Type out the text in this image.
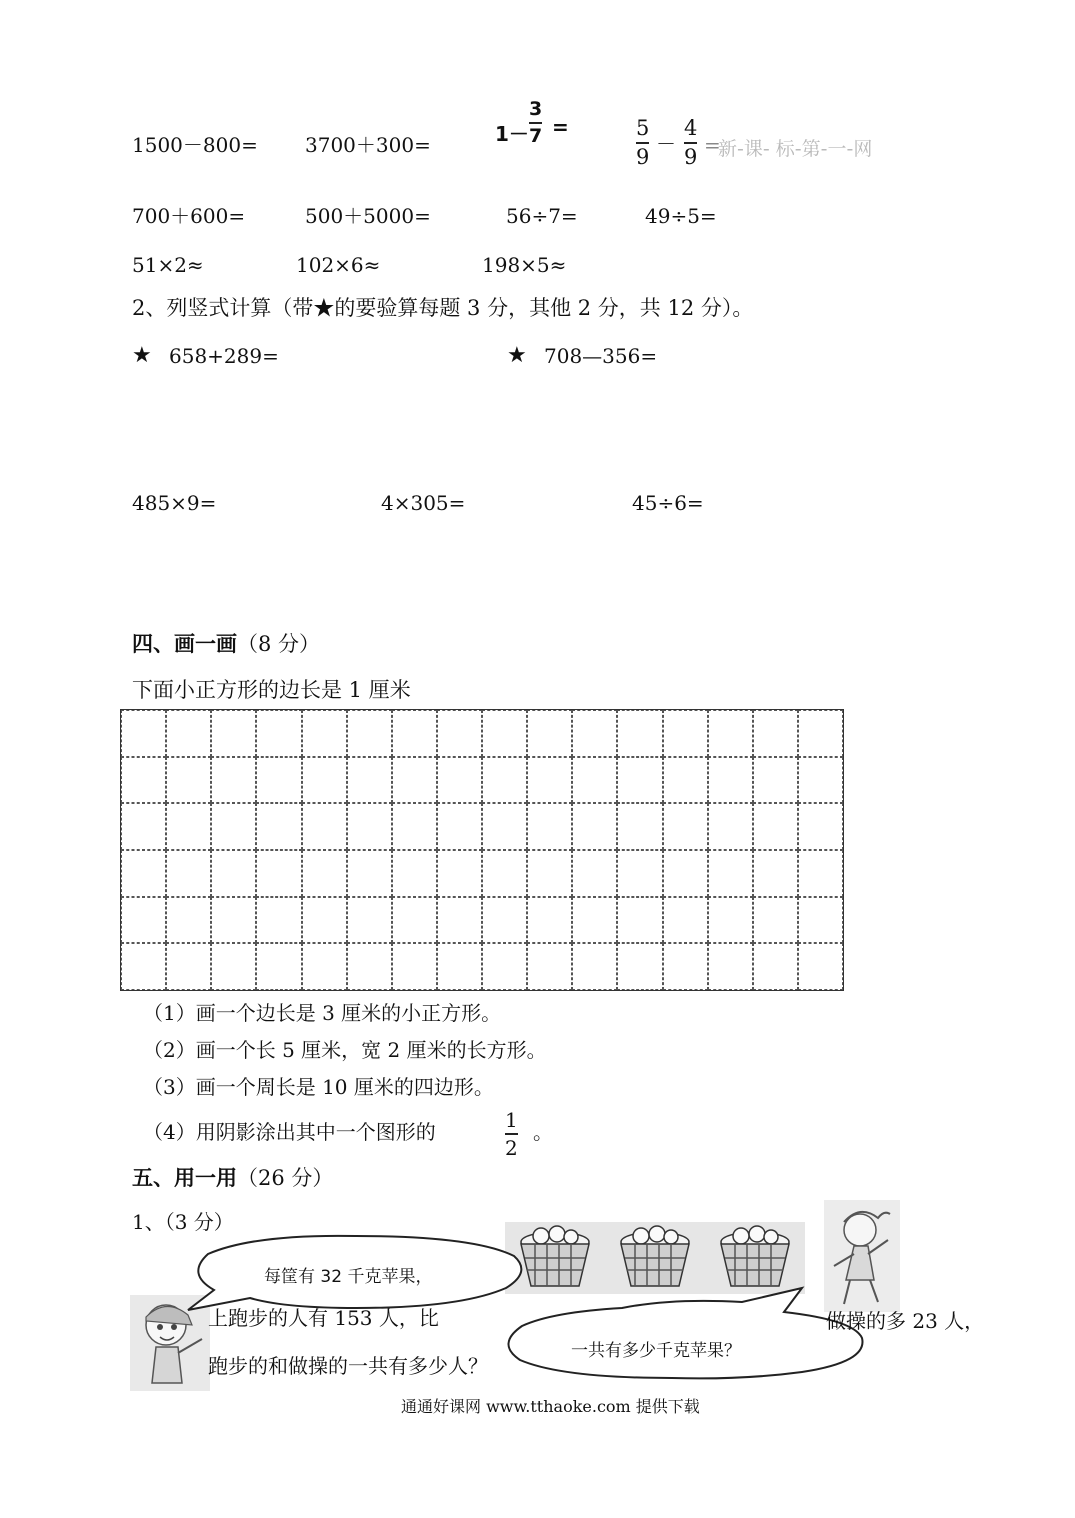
1500－800= 3700＋300=	1－
3
7 =	5
9
－
4
9 =
新-课- 标-第-一-网
700＋600=	500＋5000=	56÷7=	49÷5=
51×2≈	102×6≈	198×5≈
2、列竖式计算（带★的要验算每题 3 分，其他 2 分，共 12 分）。
★ 658+289=	★ 708—356=
485×9=	4×305=	45÷6=
四、画一画（8 分）
下面小正方形的边长是 1 厘米
（1）画一个边长是 3 厘米的小正方形。
（2）画一个长 5 厘米，宽 2 厘米的长方形。
（3）画一个周长是 10 厘米的四边形。
（4）用阴影涂出其中一个图形的	1
2
。
五、用一用（26 分）
1、（3 分）
每筐有 32 千克苹果，
一共有多少千克苹果？
上跑步的人有 153 人，比	做操的多 23 人，
跑步的和做操的一共有多少人？
通通好课网 www.tthaoke.com 提供下载
